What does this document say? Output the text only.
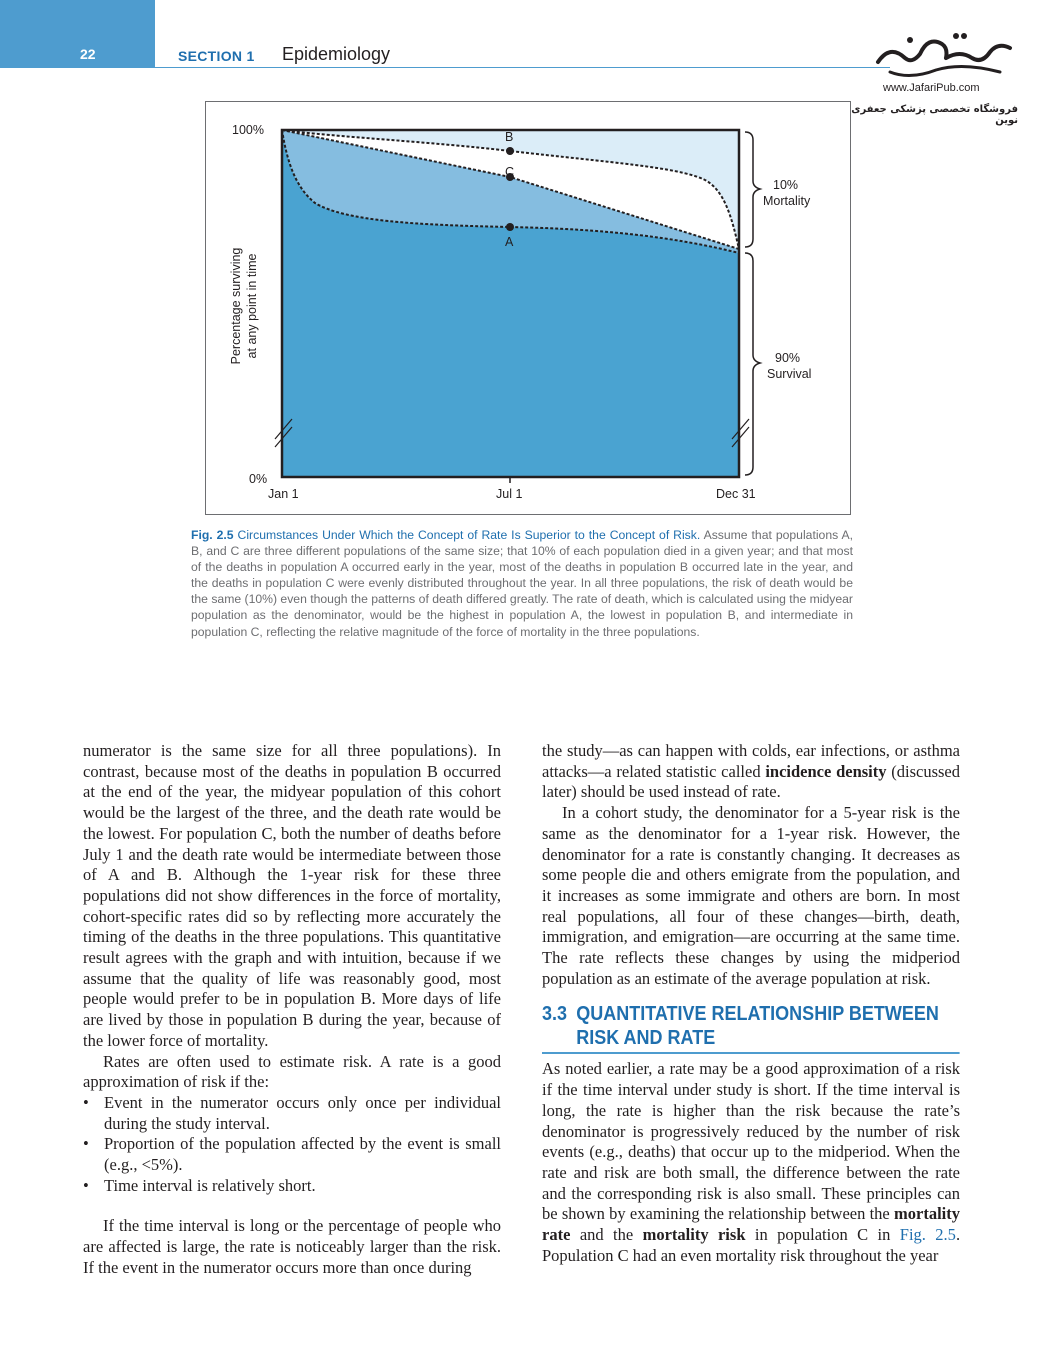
22	SECTION 1 Epidemiology
www.JafariPub.com
فروشگاه تخصصی پزشکی جعفری نوین
100%
0%
Jan 1	Jul 1	Dec 31
B
C
A
10%
Mortality
90%
Survival
Percentage surviving at any point in time
Fig. 2.5 Circumstances Under Which the Concept of Rate Is Superior to the Concept of Risk. Assume that populations A, B, and C are three different populations of the same size; that 10% of each population died in a given year; and that most of the deaths in population A occurred early in the year, most of the deaths in population B occurred late in the year, and the deaths in population C were evenly distributed throughout the year. In all three populations, the risk of death would be the same (10%) even though the patterns of death differed greatly. The rate of death, which is calculated using the midyear population as the denominator, would be the highest in population A, the lowest in population B, and intermediate in population C, reflecting the relative magnitude of the force of mortality in the three populations.

numerator is the same size for all three populations). In contrast, because most of the deaths in population B occurred at the end of the year, the midyear population of this cohort would be the largest of the three, and the death rate would be the lowest. For population C, both the number of deaths before July 1 and the death rate would be intermediate between those of A and B. Although the 1-year risk for these three populations did not show differences in the force of mortality, cohort-specific rates did so by reflecting more accurately the timing of the deaths in the three populations. This quantitative result agrees with the graph and with intuition, because if we assume that the quality of life was reasonably good, most people would prefer to be in population B. More days of life are lived by those in population B during the year, because of the lower force of mortality.

Rates are often used to estimate risk. A rate is a good approximation of risk if the:

• Event in the numerator occurs only once per individual during the study interval.
• Proportion of the population affected by the event is small (e.g., <5%).
• Time interval is relatively short.

If the time interval is long or the percentage of people who are affected is large, the rate is noticeably larger than the risk. If the event in the numerator occurs more than once during

the study—as can happen with colds, ear infections, or asthma attacks—a related statistic called incidence density (discussed later) should be used instead of rate.

In a cohort study, the denominator for a 5-year risk is the same as the denominator for a 1-year risk. However, the denominator for a rate is constantly changing. It decreases as some people die and others emigrate from the population, and it increases as some immigrate and others are born. In most real populations, all four of these changes—birth, death, immigration, and emigration—are occurring at the same time. The rate reflects these changes by using the midperiod population as an estimate of the average population at risk.

3.3 QUANTITATIVE RELATIONSHIP BETWEEN
RISK AND RATE

As noted earlier, a rate may be a good approximation of a risk if the time interval under study is short. If the time interval is long, the rate is higher than the risk because the rate’s denominator is progressively reduced by the number of risk events (e.g., deaths) that occur up to the midperiod. When the rate and risk are both small, the difference between the rate and the corresponding risk is also small. These principles can be shown by examining the relationship between the mortality rate and the mortality risk in population C in Fig. 2.5. Population C had an even mortality risk throughout the year
